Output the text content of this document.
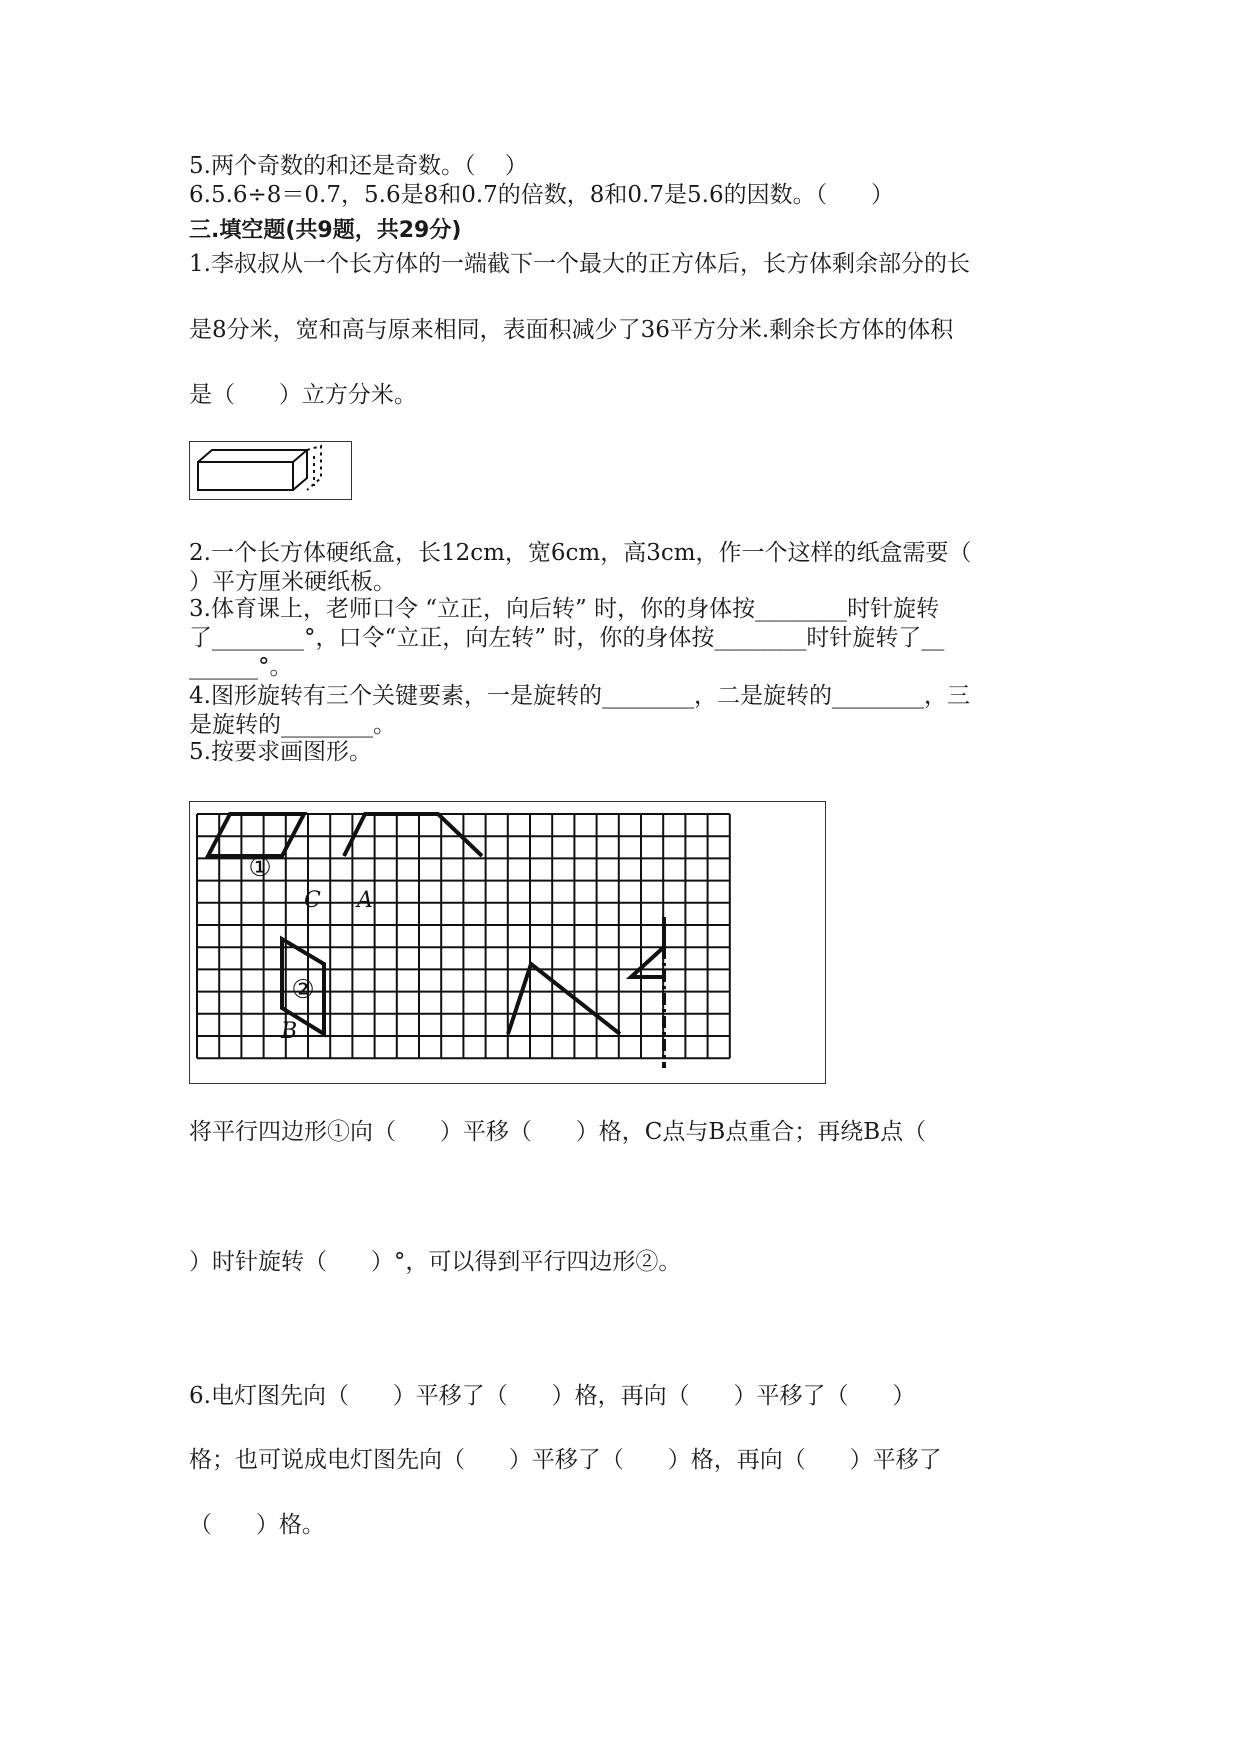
5.两个奇数的和还是奇数。（    ）
6.5.6÷8＝0.7，5.6是8和0.7的倍数，8和0.7是5.6的因数。（      ）
三.填空题(共9题，共29分)
1.李叔叔从一个长方体的一端截下一个最大的正方体后，长方体剩余部分的长
是8分米，宽和高与原来相同，表面积减少了36平方分米.剩余长方体的体积
是（      ）立方分米。
2.一个长方体硬纸盒，长12cm，宽6cm，高3cm，作一个这样的纸盒需要（
）平方厘米硬纸板。
3.体育课上，老师口令 “立正，向后转” 时，你的身体按________时针旋转
了________°，口令“立正，向左转” 时，你的身体按________时针旋转了__
______°。
4.图形旋转有三个关键要素，一是旋转的________，二是旋转的________，三
是旋转的________。
5.按要求画图形。
C A
B
①
②
将平行四边形①向（      ）平移（      ）格，C点与B点重合；再绕B点（
）时针旋转（      ）°，可以得到平行四边形②。
6.电灯图先向（      ）平移了（      ）格，再向（      ）平移了（      ）
格；也可说成电灯图先向（      ）平移了（      ）格，再向（      ）平移了
（      ）格。
